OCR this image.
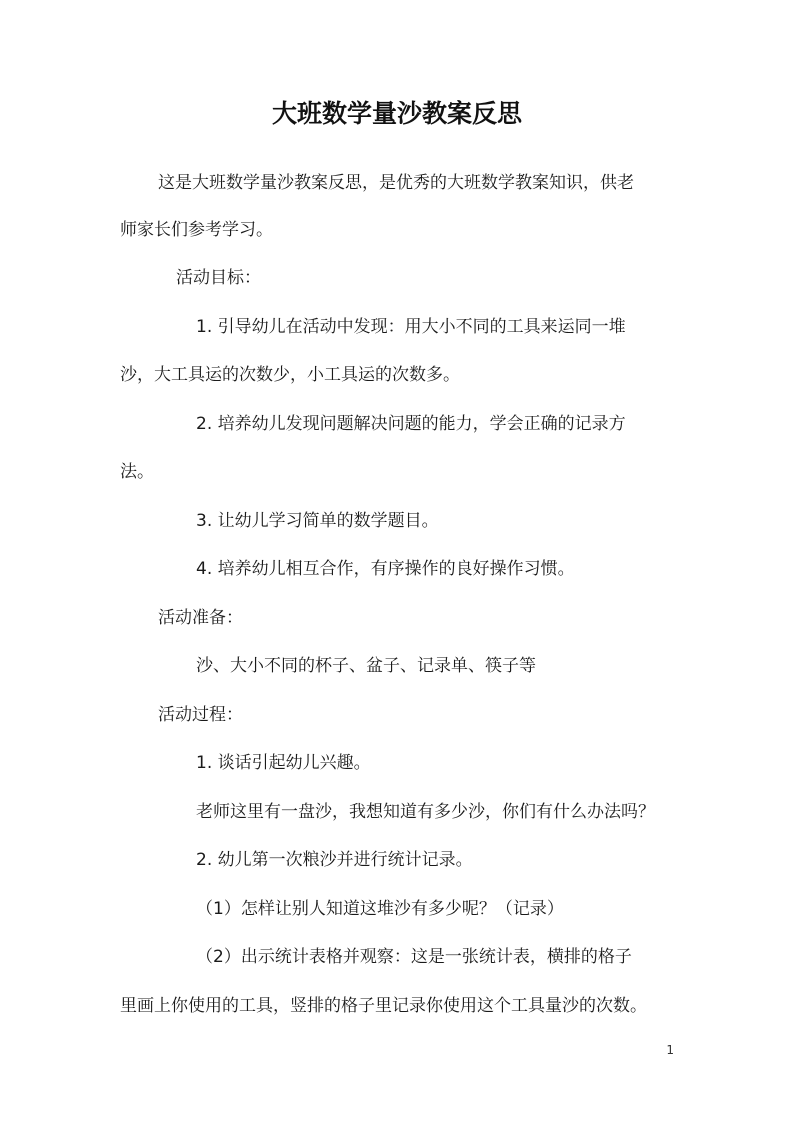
大班数学量沙教案反思
这是大班数学量沙教案反思，是优秀的大班数学教案知识，供老
师家长们参考学习。
活动目标：
1. 引导幼儿在活动中发现：用大小不同的工具来运同一堆
沙，大工具运的次数少，小工具运的次数多。
2. 培养幼儿发现问题解决问题的能力，学会正确的记录方
法。
3. 让幼儿学习简单的数学题目。
4. 培养幼儿相互合作，有序操作的良好操作习惯。
活动准备：
沙、大小不同的杯子、盆子、记录单、筷子等
活动过程：
1. 谈话引起幼儿兴趣。
老师这里有一盘沙，我想知道有多少沙，你们有什么办法吗？
2. 幼儿第一次粮沙并进行统计记录。
（1）怎样让别人知道这堆沙有多少呢？（记录）
（2）出示统计表格并观察：这是一张统计表，横排的格子
里画上你使用的工具，竖排的格子里记录你使用这个工具量沙的次数。
1
